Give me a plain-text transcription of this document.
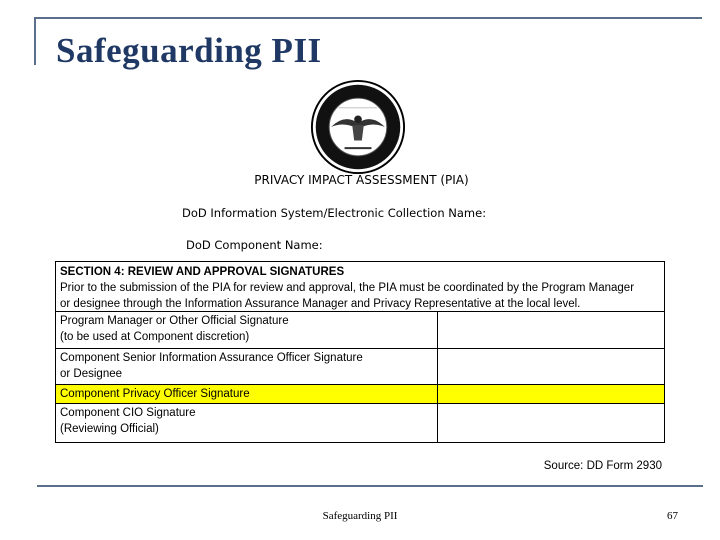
Safeguarding PII
PRIVACY IMPACT ASSESSMENT (PIA)
DoD Information System/Electronic Collection Name:
DoD Component Name:
SECTION 4: REVIEW AND APPROVAL SIGNATURES
Prior to the submission of the PIA for review and approval, the PIA must be coordinated by the Program Manager
or designee through the Information Assurance Manager and Privacy Representative at the local level.
Program Manager or Other Official Signature
(to be used at Component discretion)
Component Senior Information Assurance Officer Signature
or Designee
Component Privacy Officer Signature
Component CIO Signature
(Reviewing Official)
Source: DD Form 2930
Safeguarding PII	67
